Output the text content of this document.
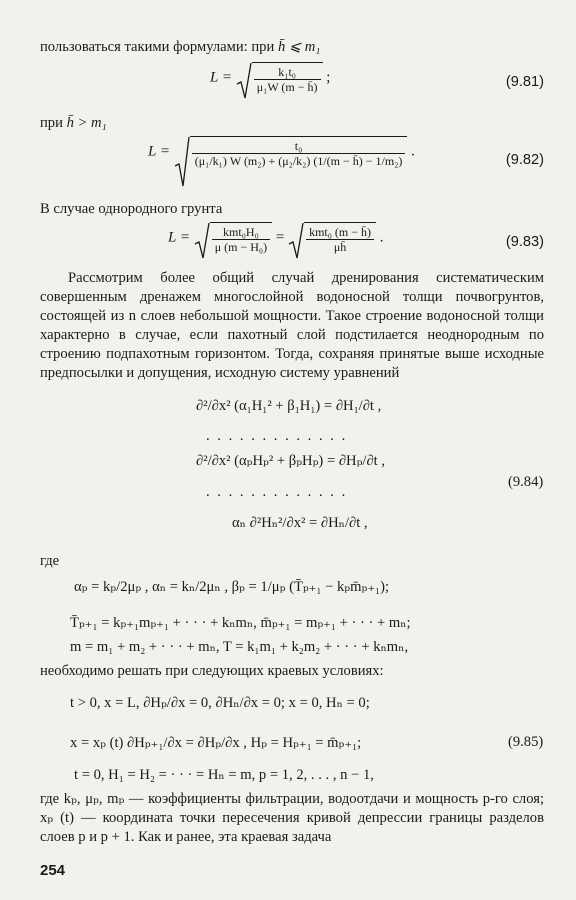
пользоваться такими формулами: при h̄ ⩽ m₁
$L = \frac{\text{k₁t₀}}{\text{μ₁W (m − h̄)}}$ ;	(9.81)
при h̄ > m₁
$L = \frac{\text{t₀}}{\text{(μ₁/k₁) W (m₂) + (μ₂/k₂) (1/(m − h̄) − 1/m₂)}}$ .
(9.82)
В случае однородного грунта
$L = \frac{\text{kmt₀H₀}}{\text{μ (m − H₀)}} = \frac{\text{kmt₀ (m − h̄)}}{\mu h̄}$ .	(9.83)
Рассмотрим более общий случай дренирования систематическим совершенным дренажем многослойной водоносной толщи почвогрунтов, состоящей из n слоев небольшой мощности. Такое строение водоносной толщи характерно в случае, если пахотный слой подстилается неоднородным по строению подпахотным горизонтом. Тогда, сохраняя принятые выше исходные предпосылки и допущения, исходную систему уравнений
∂²/∂x² (α₁H₁² + β₁H₁) = ∂H₁/∂t ,
. . . . . . . . . . . . .
∂²/∂x² (αₚHₚ² + βₚHₚ) = ∂Hₚ/∂t ,
. . . . . . . . . . . . .
(9.84)
αₙ ∂²Hₙ²/∂x² = ∂Hₙ/∂t ,
где
αₚ = kₚ/2μₚ , αₙ = kₙ/2μₙ , βₚ = 1/μₚ (T̄ₚ₊₁ − kₚm̄ₚ₊₁);
T̄ₚ₊₁ = kₚ₊₁mₚ₊₁ + · · · + kₙmₙ, m̄ₚ₊₁ = mₚ₊₁ + · · · + mₙ;
m = m₁ + m₂ + · · · + mₙ, T = k₁m₁ + k₂m₂ + · · · + kₙmₙ,
необходимо решать при следующих краевых условиях:
t > 0, x = L, ∂Hₚ/∂x = 0, ∂Hₙ/∂x = 0; x = 0, Hₙ = 0;
x = xₚ (t) ∂Hₚ₊₁/∂x = ∂Hₚ/∂x , Hₚ = Hₚ₊₁ = m̄ₚ₊₁;	(9.85)
t = 0, H₁ = H₂ = · · · = Hₙ = m, p = 1, 2, . . . , n − 1,
где kₚ, μₚ, mₚ — коэффициенты фильтрации, водоотдачи и мощность p-го слоя; xₚ (t) — координата точки пересечения кривой депрессии границы разделов слоев p и p + 1. Как и ранее, эта краевая задача
254
